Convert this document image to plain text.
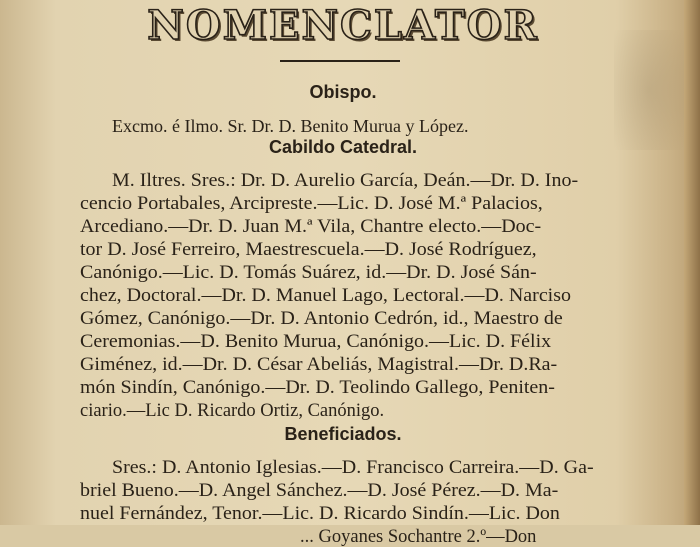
NOMENCLATOR
Obispo.
Excmo. é Ilmo. Sr. Dr. D. Benito Murua y López.
Cabildo Catedral.
M. Iltres. Sres.: Dr. D. Aurelio García, Deán.—Dr. D. Ino-
cencio Portabales, Arcipreste.—Lic. D. José M.ª Palacios,
Arcediano.—Dr. D. Juan M.ª Vila, Chantre electo.—Doc-
tor D. José Ferreiro, Maestrescuela.—D. José Rodríguez,
Canónigo.—Lic. D. Tomás Suárez, id.—Dr. D. José Sán-
chez, Doctoral.—Dr. D. Manuel Lago, Lectoral.—D. Narciso
Gómez, Canónigo.—Dr. D. Antonio Cedrón, id., Maestro de
Ceremonias.—D. Benito Murua, Canónigo.—Lic. D. Félix
Giménez, id.—Dr. D. César Abeliás, Magistral.—Dr. D.Ra-
món Sindín, Canónigo.—Dr. D. Teolindo Gallego, Peniten-
ciario.—Lic D. Ricardo Ortiz, Canónigo.
Beneficiados.
Sres.: D. Antonio Iglesias.—D. Francisco Carreira.—D. Ga-
briel Bueno.—D. Angel Sánchez.—D. José Pérez.—D. Ma-
nuel Fernández, Tenor.—Lic. D. Ricardo Sindín.—Lic. Don
... Goyanes Sochantre 2.º—Don
